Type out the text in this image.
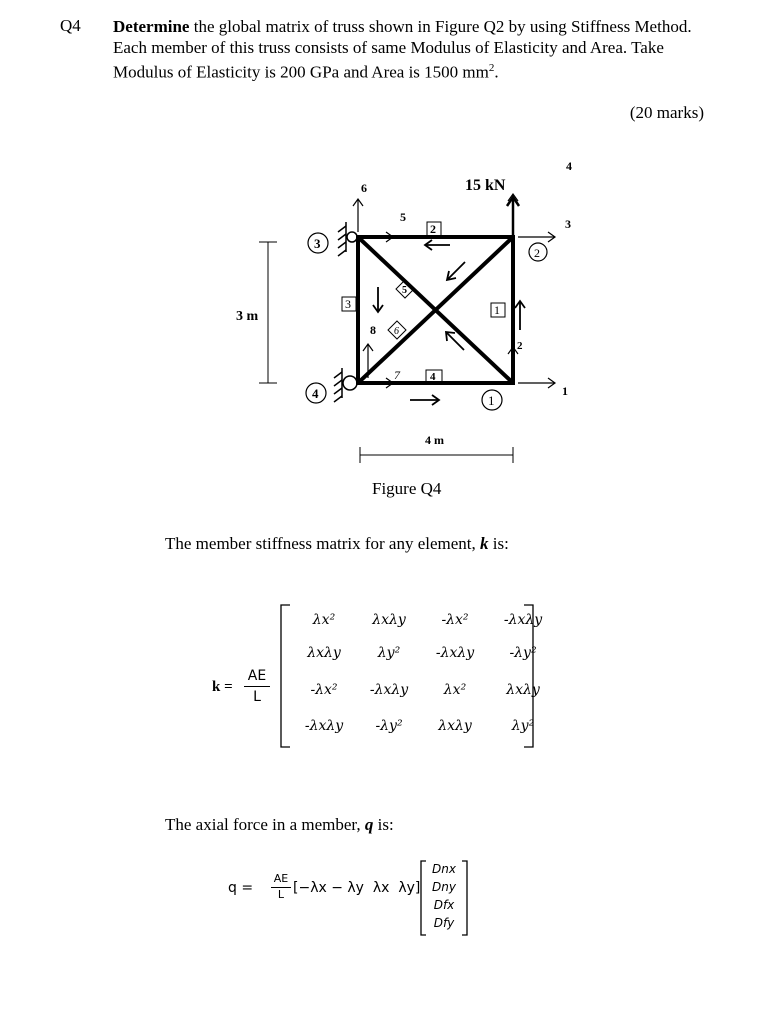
Q4 Determine the global matrix of truss shown in Figure Q2 by using Stiffness Method.
Each member of this truss consists of same Modulus of Elasticity and Area. Take
Modulus of Elasticity is 200 GPa and Area is 1500 $mm^2$.
(20 marks)
15 kN
3 m
4 m
1
2
3
4
1
2
3
4
5
6
1
2
3
4
5
6
7
8
Figure Q4
The member stiffness matrix for any element, k is:
k =
AE
L
λx²	λxλy	-λx²	-λxλy
λxλy	λy²	-λxλy	-λy²
-λx²	-λxλy	λx²	λxλy
-λxλy	-λy²	λxλy	λy²
The axial force in a member, q is:
q =
AE
L [−λx − λy  λx  λy]
Dnx
Dny
Dfx
Dfy
